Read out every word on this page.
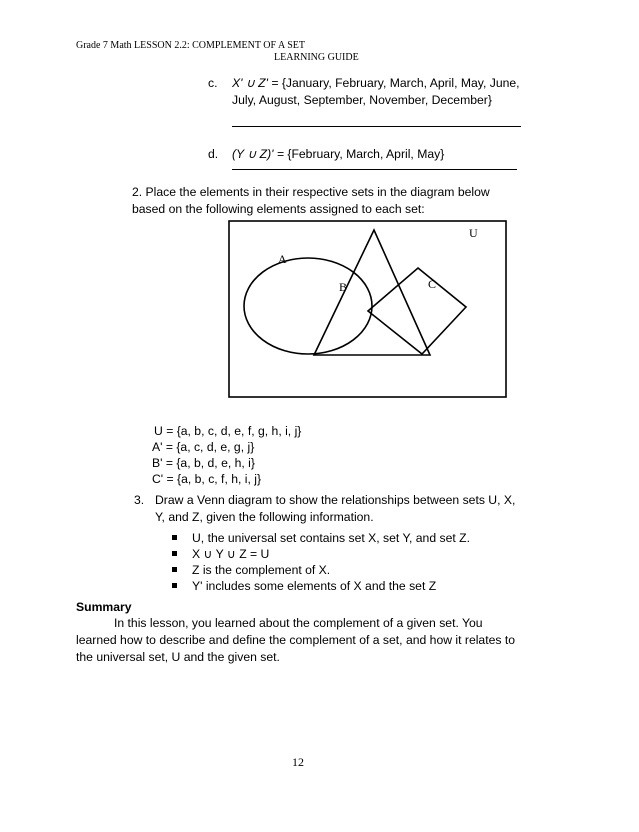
Grade 7 Math LESSON 2.2: COMPLEMENT OF A SET
LEARNING GUIDE
c. X' ∪ Z' = {January, February, March, April, May, June, July, August, September, November, December}
d. (Y ∪ Z)' = {February, March, April, May}
2. Place the elements in their respective sets in the diagram below based on the following elements assigned to each set:
U
A
B	C
U = {a, b, c, d, e, f, g, h, i, j}
A' = {a, c, d, e, g, j}
B' = {a, b, d, e, h, i}
C' = {a, b, c, f, h, i, j}
3. Draw a Venn diagram to show the relationships between sets U, X, Y, and Z, given the following information.
U, the universal set contains set X, set Y, and set Z.
X ∪ Y ∪ Z = U
Z is the complement of X.
Y' includes some elements of X and the set Z
Summary
In this lesson, you learned about the complement of a given set. You learned how to describe and define the complement of a set, and how it relates to the universal set, U and the given set.
12
